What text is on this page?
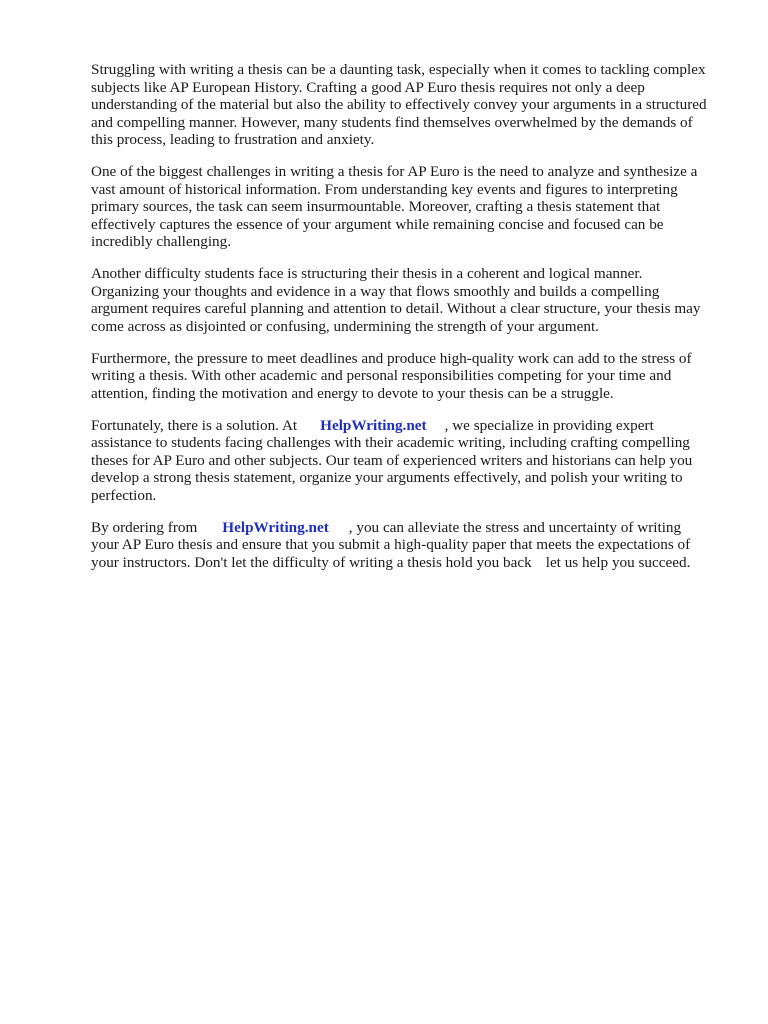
Struggling with writing a thesis can be a daunting task, especially when it comes to tackling complex
subjects like AP European History. Crafting a good AP Euro thesis requires not only a deep
understanding of the material but also the ability to effectively convey your arguments in a structured
and compelling manner. However, many students find themselves overwhelmed by the demands of
this process, leading to frustration and anxiety.

One of the biggest challenges in writing a thesis for AP Euro is the need to analyze and synthesize a
vast amount of historical information. From understanding key events and figures to interpreting
primary sources, the task can seem insurmountable. Moreover, crafting a thesis statement that
effectively captures the essence of your argument while remaining concise and focused can be
incredibly challenging.

Another difficulty students face is structuring their thesis in a coherent and logical manner.
Organizing your thoughts and evidence in a way that flows smoothly and builds a compelling
argument requires careful planning and attention to detail. Without a clear structure, your thesis may
come across as disjointed or confusing, undermining the strength of your argument.

Furthermore, the pressure to meet deadlines and produce high-quality work can add to the stress of
writing a thesis. With other academic and personal responsibilities competing for your time and
attention, finding the motivation and energy to devote to your thesis can be a struggle.

Fortunately, there is a solution. At HelpWriting.net , we specialize in providing expert
assistance to students facing challenges with their academic writing, including crafting compelling
theses for AP Euro and other subjects. Our team of experienced writers and historians can help you
develop a strong thesis statement, organize your arguments effectively, and polish your writing to
perfection.

By ordering from HelpWriting.net , you can alleviate the stress and uncertainty of writing
your AP Euro thesis and ensure that you submit a high-quality paper that meets the expectations of
your instructors. Don't let the difficulty of writing a thesis hold you back let us help you succeed.
